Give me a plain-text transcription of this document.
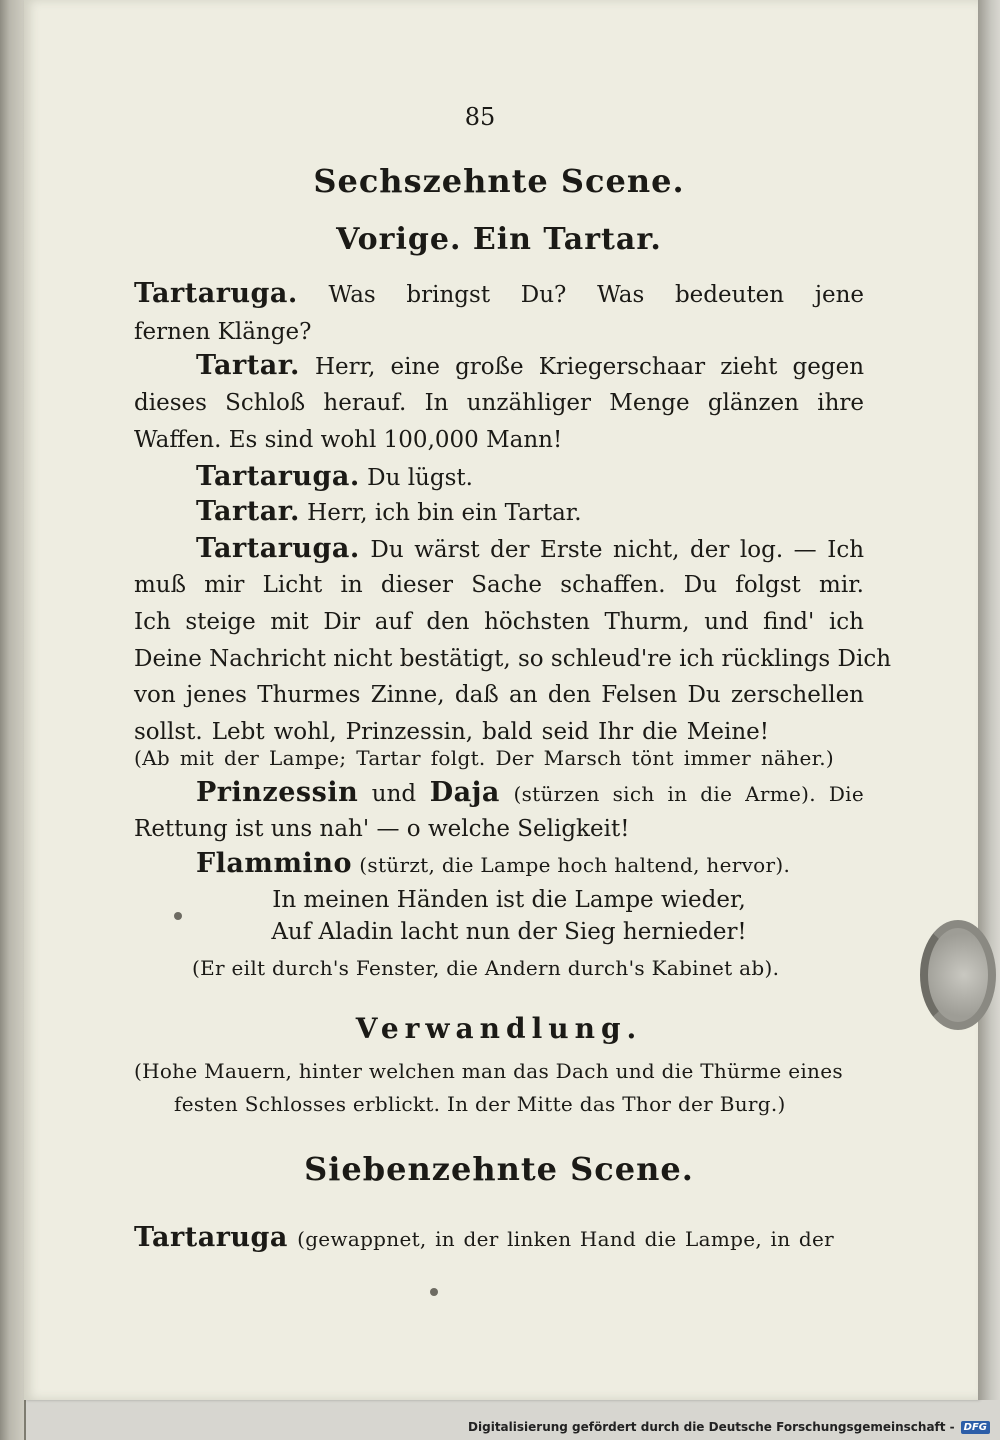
85
Sechszehnte Scene.
Vorige. Ein Tartar.
Tartaruga. Was bringst Du? Was bedeuten jene
fernen Klänge?
Tartar. Herr, eine große Kriegerschaar zieht gegen
dieses Schloß herauf. In unzähliger Menge glänzen ihre
Waffen. Es sind wohl 100,000 Mann!
Tartaruga. Du lügst.
Tartar. Herr, ich bin ein Tartar.
Tartaruga. Du wärst der Erste nicht, der log. — Ich
muß mir Licht in dieser Sache schaffen. Du folgst mir.
Ich steige mit Dir auf den höchsten Thurm, und find' ich
Deine Nachricht nicht bestätigt, so schleud're ich rücklings Dich
von jenes Thurmes Zinne, daß an den Felsen Du zerschellen
sollst. Lebt wohl, Prinzessin, bald seid Ihr die Meine!
(Ab mit der Lampe; Tartar folgt. Der Marsch tönt immer näher.)
Prinzessin und Daja (stürzen sich in die Arme). Die
Rettung ist uns nah' — o welche Seligkeit!
Flammino (stürzt, die Lampe hoch haltend, hervor).
In meinen Händen ist die Lampe wieder,
Auf Aladin lacht nun der Sieg hernieder!
(Er eilt durch's Fenster, die Andern durch's Kabinet ab).
Verwandlung.
(Hohe Mauern, hinter welchen man das Dach und die Thürme eines
festen Schlosses erblickt. In der Mitte das Thor der Burg.)
Siebenzehnte Scene.
Tartaruga (gewappnet, in der linken Hand die Lampe, in der
Digitalisierung gefördert durch die Deutsche Forschungsgemeinschaft - DFG
